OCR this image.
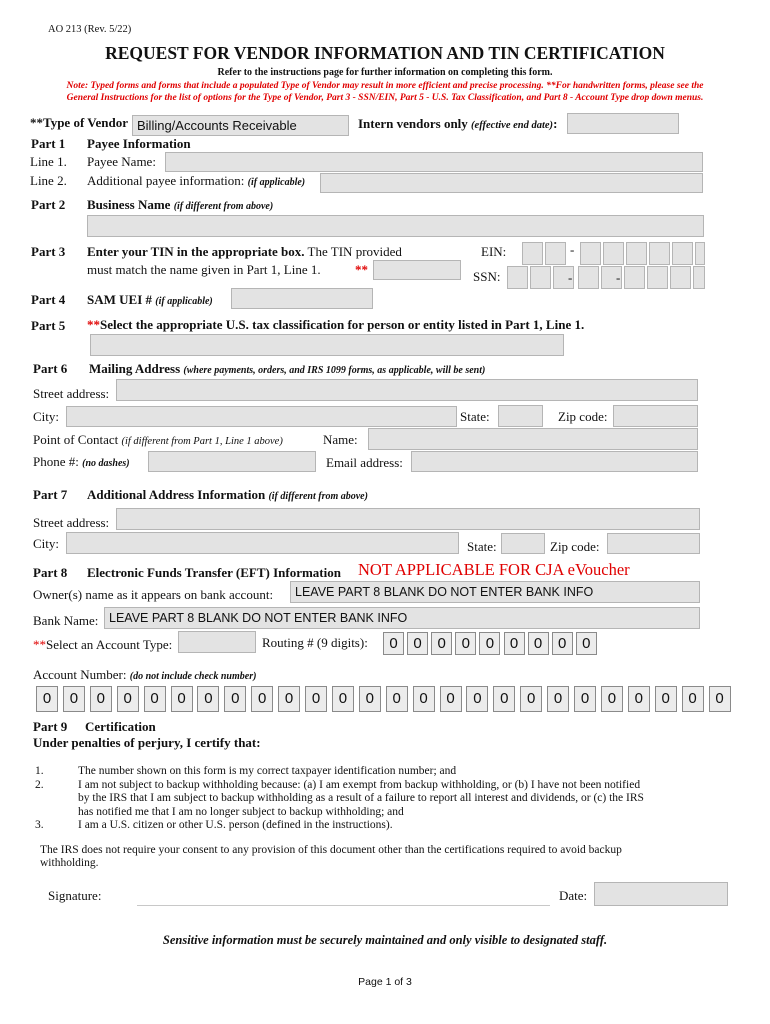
AO 213 (Rev. 5/22)
REQUEST FOR VENDOR INFORMATION AND TIN CERTIFICATION
Refer to the instructions page for further information on completing this form.
Note: Typed forms and forms that include a populated Type of Vendor may result in more efficient and precise processing. **For handwritten forms, please see the
General Instructions for the list of options for the Type of Vendor, Part 3 - SSN/EIN, Part 5 - U.S. Tax Classification, and Part 8 - Account Type drop down menus.
**Type of Vendor Billing/Accounts Receivable	Intern vendors only (effective end date):
Part 1 Payee Information
Line 1. Payee Name:
Line 2. Additional payee information: (if applicable)
Part 2 Business Name (if different from above)
Part 3 Enter your TIN in the appropriate box. The TIN provided
must match the name given in Part 1, Line 1.	**
EIN:	-
SSN:	-	-
Part 4 SAM UEI # (if applicable)
Part 5 **Select the appropriate U.S. tax classification for person or entity listed in Part 1, Line 1.
Part 6 Mailing Address (where payments, orders, and IRS 1099 forms, as applicable, will be sent)
Street address:
City:	State:	Zip code:
Point of Contact (if different from Part 1, Line 1 above)	Name:
Phone #: (no dashes)	Email address:
Part 7 Additional Address Information (if different from above)
Street address:
City:	State:	Zip code:
Part 8 Electronic Funds Transfer (EFT) Information NOT APPLICABLE FOR CJA eVoucher
Owner(s) name as it appears on bank account:	LEAVE PART 8 BLANK DO NOT ENTER BANK INFO
Bank Name: LEAVE PART 8 BLANK DO NOT ENTER BANK INFO
**Select an Account Type:	Routing # (9 digits):	0	0	0	0	0	0	0	0	0
Account Number: (do not include check number)
0	0	0	0	0	0	0	0	0	0	0	0	0	0	0	0	0	0	0	0	0	0	0	0	0	0
Part 9 Certification
Under penalties of perjury, I certify that:
1.	The number shown on this form is my correct taxpayer identification number; and
2.	I am not subject to backup withholding because: (a) I am exempt from backup withholding, or (b) I have not been notified
by the IRS that I am subject to backup withholding as a result of a failure to report all interest and dividends, or (c) the IRS
has notified me that I am no longer subject to backup withholding; and
3.	I am a U.S. citizen or other U.S. person (defined in the instructions).
The IRS does not require your consent to any provision of this document other than the certifications required to avoid backup
withholding.
Signature:	Date:
Sensitive information must be securely maintained and only visible to designated staff.
Page 1 of 3
